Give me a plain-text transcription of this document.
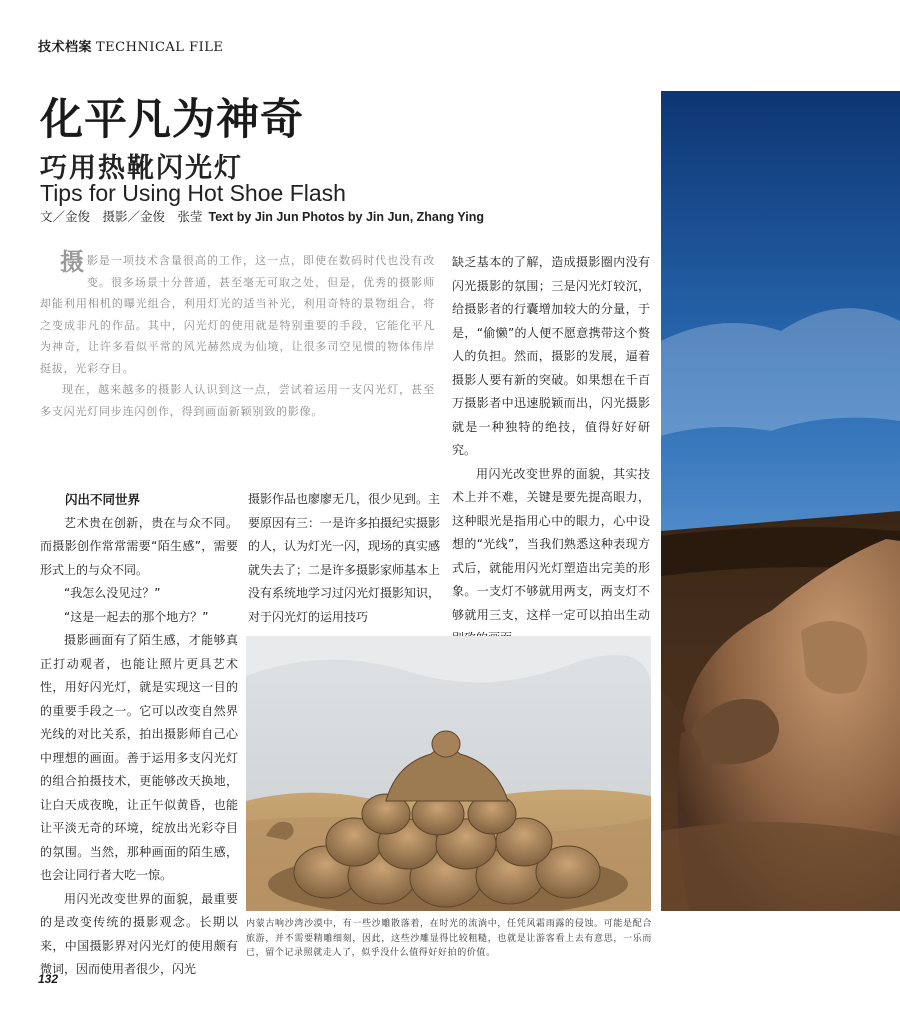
技术档案 TECHNICAL FILE
化平凡为神奇
巧用热靴闪光灯
Tips for Using Hot Shoe Flash
文／金俊　摄影／金俊　张莹 Text by Jin Jun Photos by Jin Jun, Zhang Ying

摄影是一项技术含量很高的工作，这一点，即使在数码时代也没有改变。很多场景十分普通，甚至毫无可取之处，但是，优秀的摄影师却能利用相机的曝光组合，利用灯光的适当补光，利用奇特的景物组合，将之变成非凡的作品。其中，闪光灯的使用就是特别重要的手段，它能化平凡为神奇，让许多看似平常的风光赫然成为仙境，让很多司空见惯的物体伟岸挺拔，光彩夺目。

现在，越来越多的摄影人认识到这一点，尝试着运用一支闪光灯，甚至多支闪光灯同步连闪创作，得到画面新颖别致的影像。

闪出不同世界

艺术贵在创新，贵在与众不同。而摄影创作常常需要“陌生感”，需要形式上的与众不同。

“我怎么没见过？”

“这是一起去的那个地方？”

摄影画面有了陌生感，才能够真正打动观者，也能让照片更具艺术性，用好闪光灯，就是实现这一目的的重要手段之一。它可以改变自然界光线的对比关系，拍出摄影师自己心中理想的画面。善于运用多支闪光灯的组合拍摄技术，更能够改天换地，让白天成夜晚，让正午似黄昏，也能让平淡无奇的环境，绽放出光彩夺目的氛围。当然，那种画面的陌生感，也会让同行者大吃一惊。

用闪光改变世界的面貌，最重要的是改变传统的摄影观念。长期以来，中国摄影界对闪光灯的使用颇有微词，因而使用者很少，闪光

摄影作品也廖廖无几，很少见到。主要原因有三：一是许多拍摄纪实摄影的人，认为灯光一闪，现场的真实感就失去了；二是许多摄影家师基本上没有系统地学习过闪光灯摄影知识，对于闪光灯的运用技巧

缺乏基本的了解，造成摄影圈内没有闪光摄影的氛围；三是闪光灯较沉，给摄影者的行囊增加较大的分量，于是，“偷懒”的人便不愿意携带这个赘人的负担。然而，摄影的发展，逼着摄影人要有新的突破。如果想在千百万摄影者中迅速脱颖而出，闪光摄影就是一种独特的绝技，值得好好研究。

用闪光改变世界的面貌，其实技术上并不难，关键是要先提高眼力，这种眼光是指用心中的眼力，心中设想的“光线”，当我们熟悉这种表现方式后，就能用闪光灯塑造出完美的形象。一支灯不够就用两支，两支灯不够就用三支，这样一定可以拍出生动

内蒙古响沙湾沙漠中，有一些沙雕散落着，在时光的流淌中，任凭风霜雨露的侵蚀。可能是配合旅游，并不需要精雕细刻，因此，这些沙雕显得比较粗糙，也就是让游客看上去有意思，一乐而已，留个记录照就走人了，似乎没什么值得好好拍的价值。
132
